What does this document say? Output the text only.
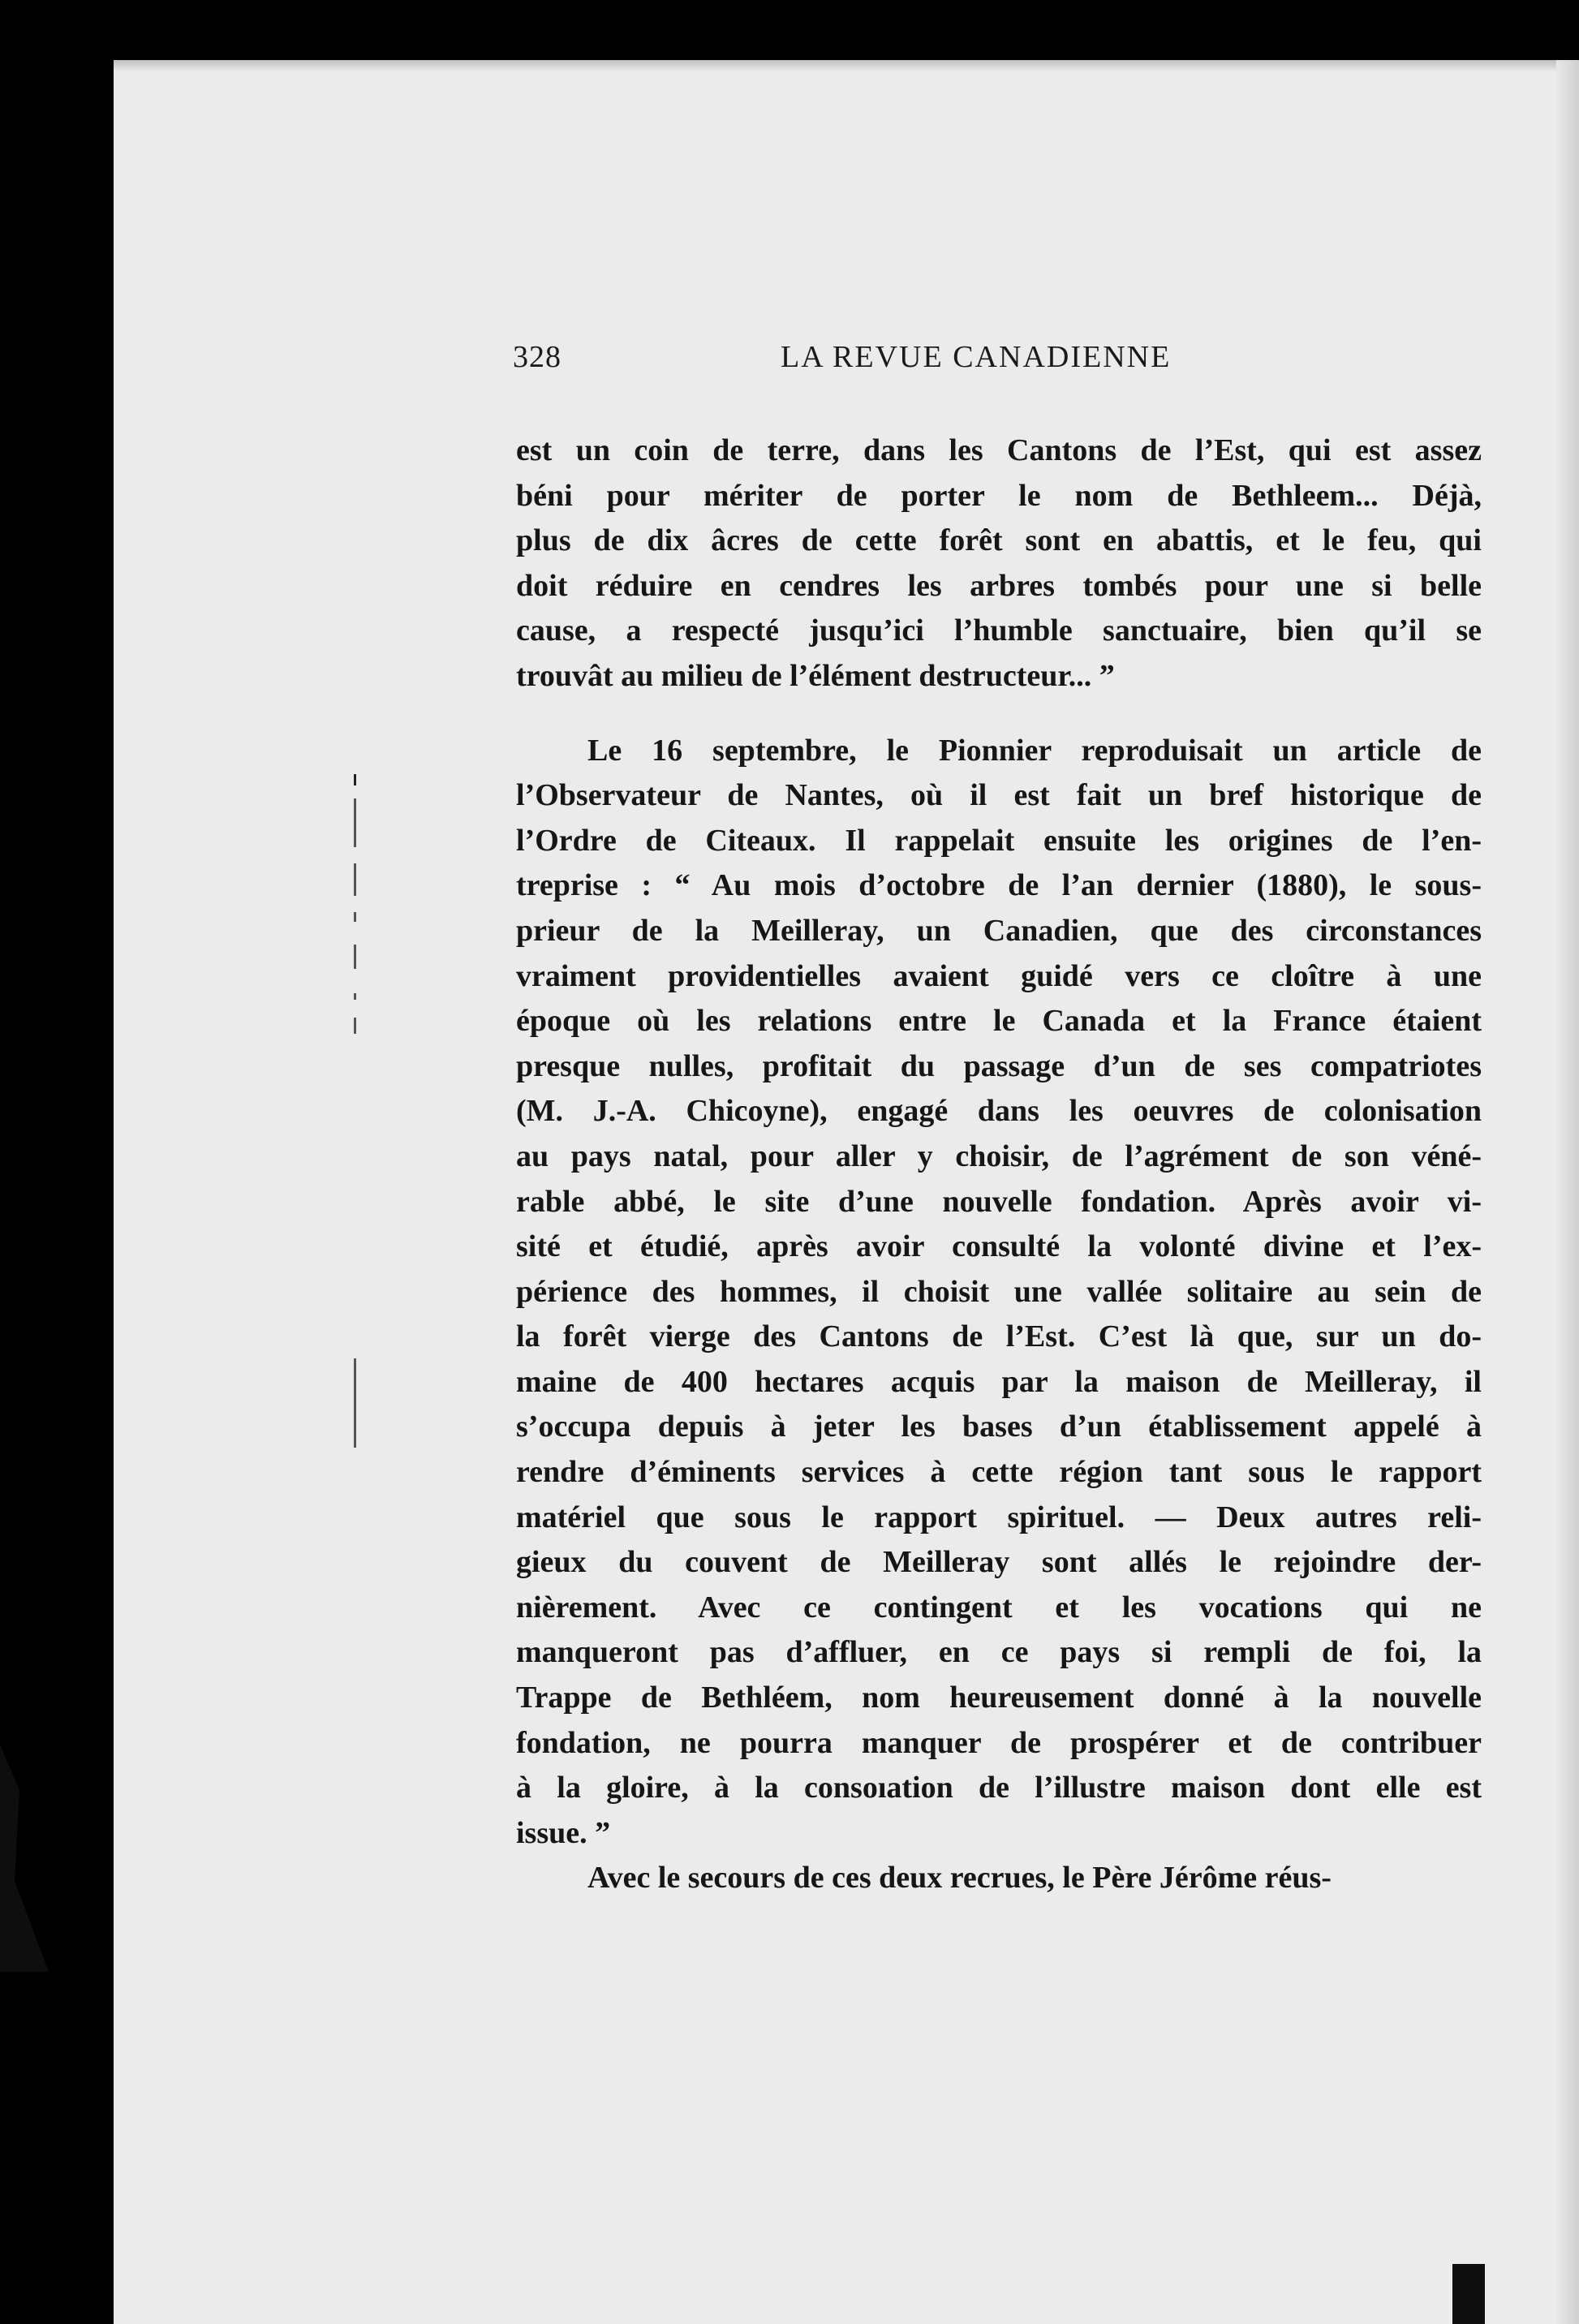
328	LA REVUE CANADIENNE
est un coin de terre, dans les Cantons de l’Est, qui est assez
béni pour mériter de porter le nom de Bethleem... Déjà,
plus de dix âcres de cette forêt sont en abattis, et le feu, qui
doit réduire en cendres les arbres tombés pour une si belle
cause, a respecté jusqu’ici l’humble sanctuaire, bien qu’il se
trouvât au milieu de l’élément destructeur... ”
Le 16 septembre, le Pionnier reproduisait un article de
l’Observateur de Nantes, où il est fait un bref historique de
l’Ordre de Citeaux. Il rappelait ensuite les origines de l’en-
treprise : “ Au mois d’octobre de l’an dernier (1880), le sous-
prieur de la Meilleray, un Canadien, que des circonstances
vraiment providentielles avaient guidé vers ce cloître à une
époque où les relations entre le Canada et la France étaient
presque nulles, profitait du passage d’un de ses compatriotes
(M. J.-A. Chicoyne), engagé dans les oeuvres de colonisation
au pays natal, pour aller y choisir, de l’agrément de son véné-
rable abbé, le site d’une nouvelle fondation. Après avoir vi-
sité et étudié, après avoir consulté la volonté divine et l’ex-
périence des hommes, il choisit une vallée solitaire au sein de
la forêt vierge des Cantons de l’Est. C’est là que, sur un do-
maine de 400 hectares acquis par la maison de Meilleray, il
s’occupa depuis à jeter les bases d’un établissement appelé à
rendre d’éminents services à cette région tant sous le rapport
matériel que sous le rapport spirituel. — Deux autres reli-
gieux du couvent de Meilleray sont allés le rejoindre der-
nièrement. Avec ce contingent et les vocations qui ne
manqueront pas d’affluer, en ce pays si rempli de foi, la
Trappe de Bethléem, nom heureusement donné à la nouvelle
fondation, ne pourra manquer de prospérer et de contribuer
à la gloire, à la consoıation de l’illustre maison dont elle est
issue. ”
Avec le secours de ces deux recrues, le Père Jérôme réus-
